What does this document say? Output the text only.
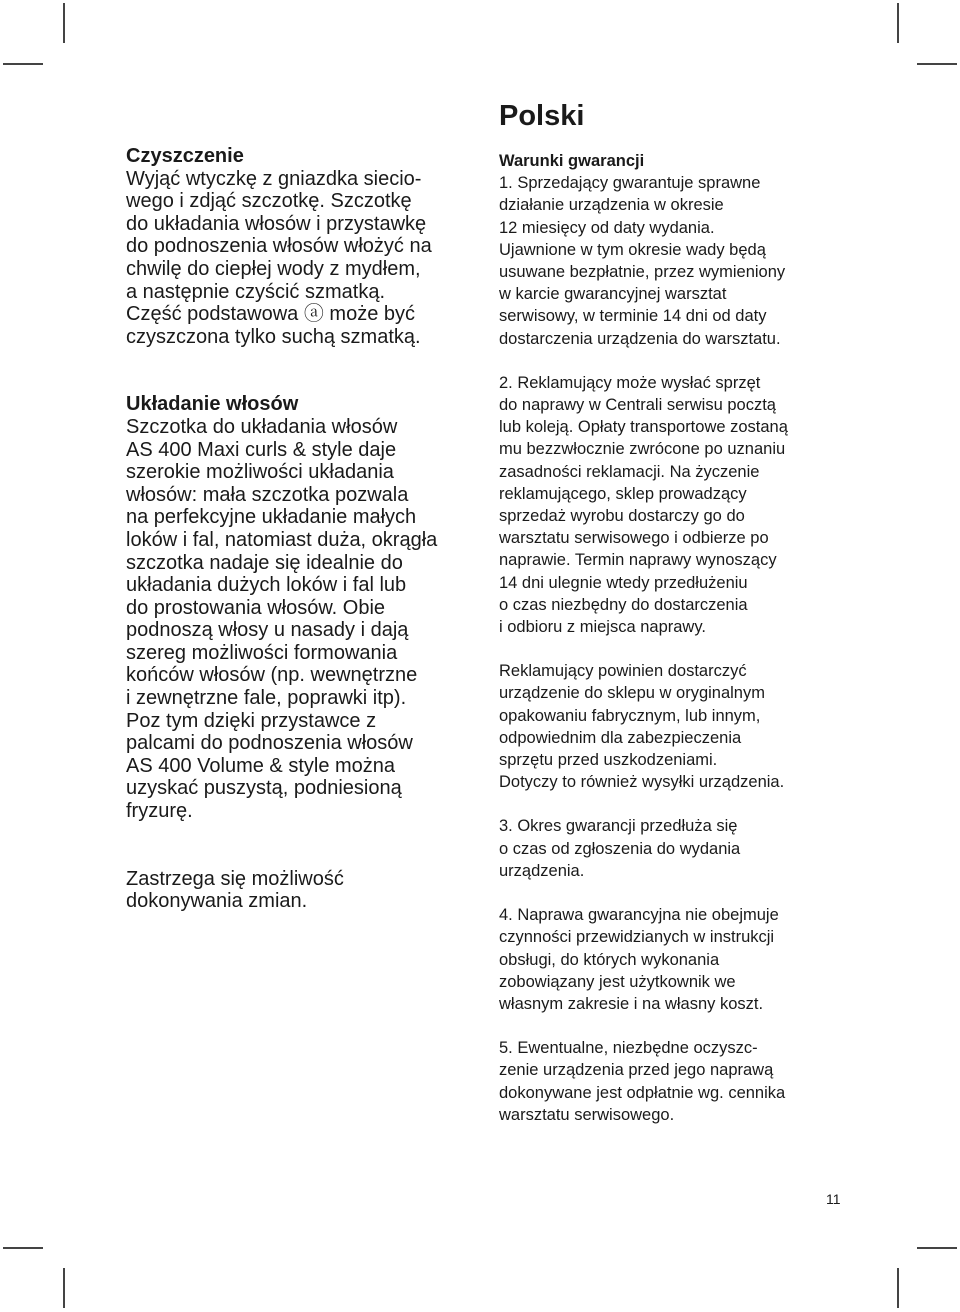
Czyszczenie

Wyjąć wtyczkę z gniazdka siecio-
wego i zdjąć szczotkę. Szczotkę
do układania włosów i przystawkę
do podnoszenia włosów włożyć na
chwilę do ciepłej wody z mydłem,
a następnie czyścić szmatką.
Część podstawowa ⓐ może być
czyszczona tylko suchą szmatką.

Układanie włosów

Szczotka do układania włosów
AS 400 Maxi curls & style daje
szerokie możliwości układania
włosów: mała szczotka pozwala
na perfekcyjne układanie małych
loków i fal, natomiast duża, okrągła
szczotka nadaje się idealnie do
układania dużych loków i fal lub
do prostowania włosów. Obie
podnoszą włosy u nasady i dają
szereg możliwości formowania
końców włosów (np. wewnętrzne
i zewnętrzne fale, poprawki itp).
Poz tym dzięki przystawce z
palcami do podnoszenia włosów
AS 400 Volume & style można
uzyskać puszystą, podniesioną
fryzurę.

Zastrzega się możliwość
dokonywania zmian.

Polski
Warunki gwarancji

1. Sprzedający gwarantuje sprawne
działanie urządzenia w okresie
12 miesięcy od daty wydania.
Ujawnione w tym okresie wady będą
usuwane bezpłatnie, przez wymieniony
w karcie gwarancyjnej warsztat
serwisowy, w terminie 14 dni od daty
dostarczenia urządzenia do warsztatu.

2. Reklamujący może wysłać sprzęt
do naprawy w Centrali serwisu pocztą
lub koleją. Opłaty transportowe zostaną
mu bezzwłocznie zwrócone po uznaniu
zasadności reklamacji. Na życzenie
reklamującego, sklep prowadzący
sprzedaż wyrobu dostarczy go do
warsztatu serwisowego i odbierze po
naprawie. Termin naprawy wynoszący
14 dni ulegnie wtedy przedłużeniu
o czas niezbędny do dostarczenia
i odbioru z miejsca naprawy.

Reklamujący powinien dostarczyć
urządzenie do sklepu w oryginalnym
opakowaniu fabrycznym, lub innym,
odpowiednim dla zabezpieczenia
sprzętu przed uszkodzeniami.
Dotyczy to również wysyłki urządzenia.

3. Okres gwarancji przedłuża się
o czas od zgłoszenia do wydania
urządzenia.

4. Naprawa gwarancyjna nie obejmuje
czynności przewidzianych w instrukcji
obsługi, do których wykonania
zobowiązany jest użytkownik we
własnym zakresie i na własny koszt.

5. Ewentualne, niezbędne oczyszc-
zenie urządzenia przed jego naprawą
dokonywane jest odpłatnie wg. cennika
warsztatu serwisowego.

11
